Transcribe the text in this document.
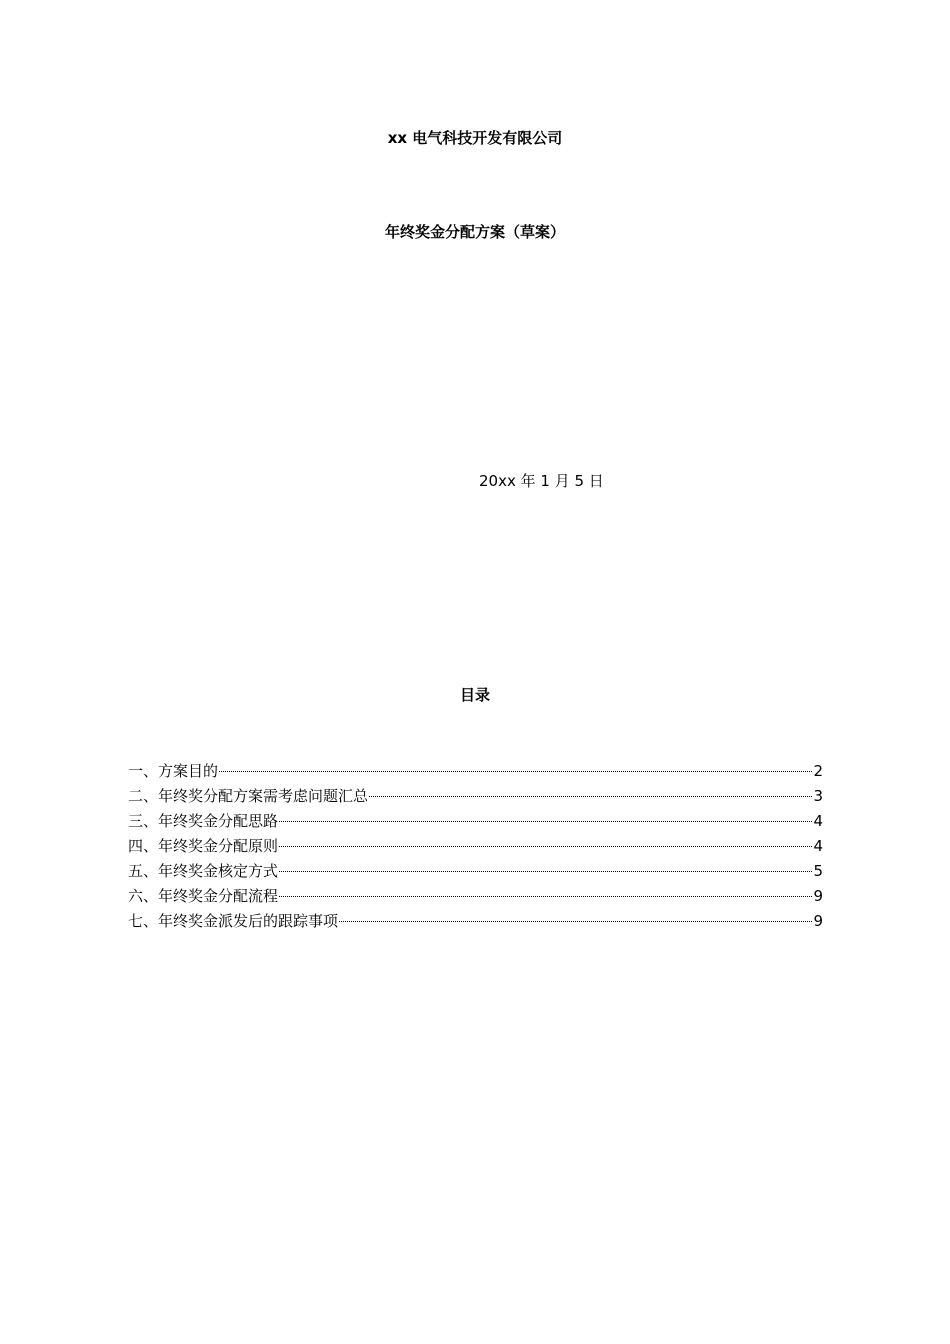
xx 电气科技开发有限公司
年终奖金分配方案（草案）
20xx 年 1 月 5 日
目录
一、方案目的	2
二、年终奖分配方案需考虑问题汇总	3
三、年终奖金分配思路	4
四、年终奖金分配原则	4
五、年终奖金核定方式	5
六、年终奖金分配流程	9
七、年终奖金派发后的跟踪事项	9
